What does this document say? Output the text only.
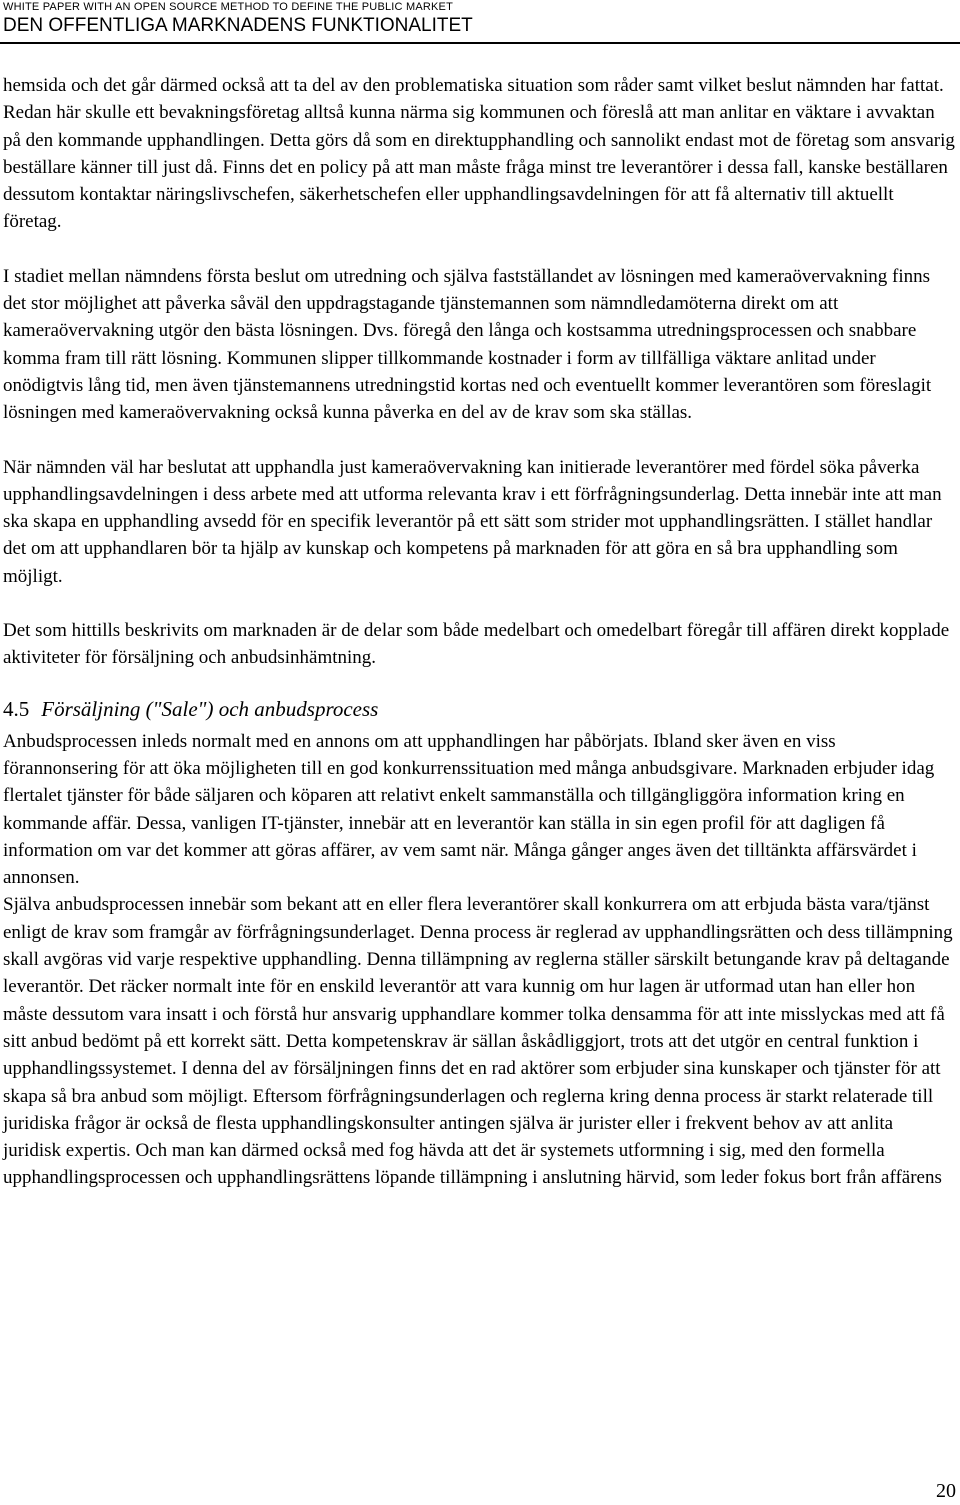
WHITE PAPER WITH AN OPEN SOURCE METHOD TO DEFINE THE PUBLIC MARKET
DEN OFFENTLIGA MARKNADENS FUNKTIONALITET

hemsida och det går därmed också att ta del av den problematiska situation som råder samt vilket beslut nämnden har fattat. Redan här skulle ett bevakningsföretag alltså kunna närma sig kommunen och föreslå att man anlitar en väktare i avvaktan på den kommande upphandlingen. Detta görs då som en direktupphandling och sannolikt endast mot de företag som ansvarig beställare känner till just då. Finns det en policy på att man måste fråga minst tre leverantörer i dessa fall, kanske beställaren dessutom kontaktar näringslivschefen, säkerhetschefen eller upphandlingsavdelningen för att få alternativ till aktuellt företag.

I stadiet mellan nämndens första beslut om utredning och själva fastställandet av lösningen med kameraövervakning finns det stor möjlighet att påverka såväl den uppdragstagande tjänstemannen som nämndledamöterna direkt om att kameraövervakning utgör den bästa lösningen. Dvs. föregå den långa och kostsamma utredningsprocessen och snabbare komma fram till rätt lösning. Kommunen slipper tillkommande kostnader i form av tillfälliga väktare anlitad under onödigtvis lång tid, men även tjänstemannens utredningstid kortas ned och eventuellt kommer leverantören som föreslagit lösningen med kameraövervakning också kunna påverka en del av de krav som ska ställas.

När nämnden väl har beslutat att upphandla just kameraövervakning kan initierade leverantörer med fördel söka påverka upphandlingsavdelningen i dess arbete med att utforma relevanta krav i ett förfrågningsunderlag. Detta innebär inte att man ska skapa en upphandling avsedd för en specifik leverantör på ett sätt som strider mot upphandlingsrätten. I stället handlar det om att upphandlaren bör ta hjälp av kunskap och kompetens på marknaden för att göra en så bra upphandling som möjligt.

Det som hittills beskrivits om marknaden är de delar som både medelbart och omedelbart föregår till affären direkt kopplade aktiviteter för försäljning och anbudsinhämtning.

4.5 Försäljning ("Sale") och anbudsprocess

Anbudsprocessen inleds normalt med en annons om att upphandlingen har påbörjats. Ibland sker även en viss förannonsering för att öka möjligheten till en god konkurrenssituation med många anbudsgivare. Marknaden erbjuder idag flertalet tjänster för både säljaren och köparen att relativt enkelt sammanställa och tillgängliggöra information kring en kommande affär. Dessa, vanligen IT-tjänster, innebär att en leverantör kan ställa in sin egen profil för att dagligen få information om var det kommer att göras affärer, av vem samt när. Många gånger anges även det tilltänkta affärsvärdet i annonsen.

Själva anbudsprocessen innebär som bekant att en eller flera leverantörer skall konkurrera om att erbjuda bästa vara/tjänst enligt de krav som framgår av förfrågningsunderlaget. Denna process är reglerad av upphandlingsrätten och dess tillämpning skall avgöras vid varje respektive upphandling. Denna tillämpning av reglerna ställer särskilt betungande krav på deltagande leverantör. Det räcker normalt inte för en enskild leverantör att vara kunnig om hur lagen är utformad utan han eller hon måste dessutom vara insatt i och förstå hur ansvarig upphandlare kommer tolka densamma för att inte misslyckas med att få sitt anbud bedömt på ett korrekt sätt. Detta kompetenskrav är sällan åskådliggjort, trots att det utgör en central funktion i upphandlingssystemet. I denna del av försäljningen finns det en rad aktörer som erbjuder sina kunskaper och tjänster för att skapa så bra anbud som möjligt. Eftersom förfrågningsunderlagen och reglerna kring denna process är starkt relaterade till juridiska frågor är också de flesta upphandlingskonsulter antingen själva är jurister eller i frekvent behov av att anlita juridisk expertis. Och man kan därmed också med fog hävda att det är systemets utformning i sig, med den formella upphandlingsprocessen och upphandlingsrättens löpande tillämpning i anslutning härvid, som leder fokus bort från affärens

20
